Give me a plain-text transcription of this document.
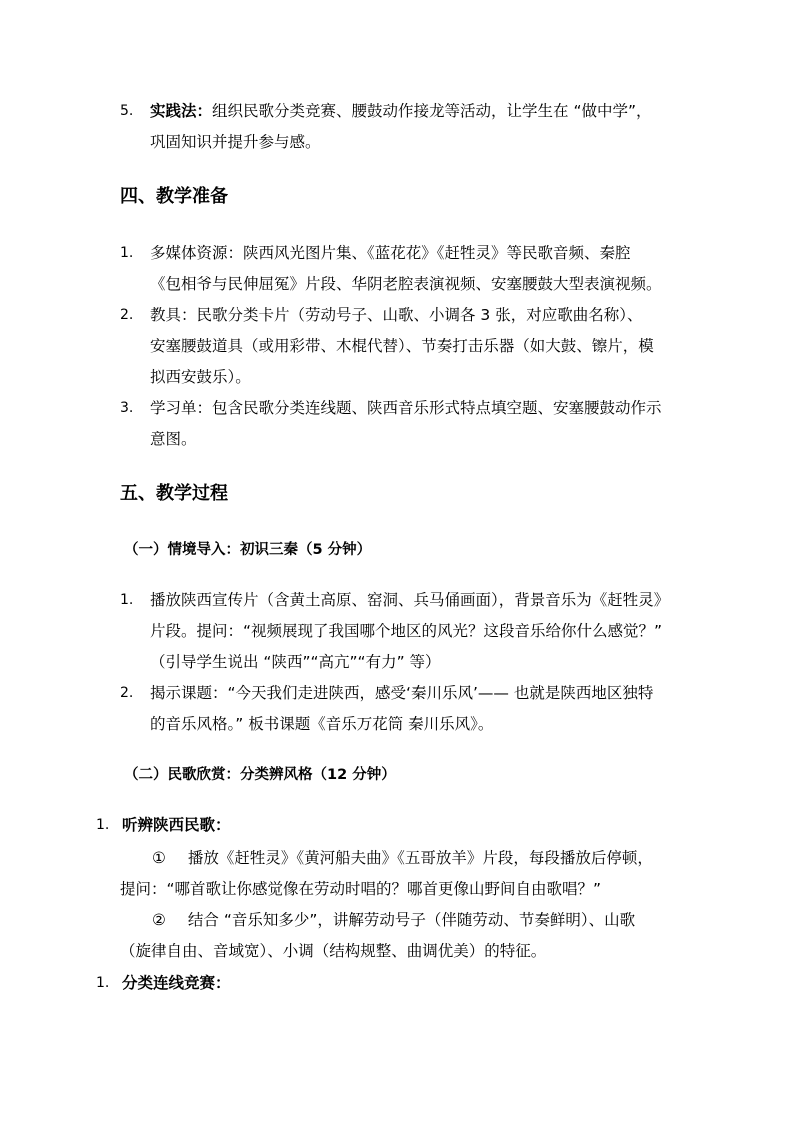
5. 实践法：组织民歌分类竞赛、腰鼓动作接龙等活动，让学生在 “做中学”，
巩固知识并提升参与感。
四、教学准备
1. 多媒体资源：陕西风光图片集、《蓝花花》《赶牲灵》等民歌音频、秦腔
《包相爷与民伸屈冤》片段、华阴老腔表演视频、安塞腰鼓大型表演视频。
2. 教具：民歌分类卡片（劳动号子、山歌、小调各 3 张，对应歌曲名称）、
安塞腰鼓道具（或用彩带、木棍代替）、节奏打击乐器（如大鼓、镲片，模
拟西安鼓乐）。
3. 学习单：包含民歌分类连线题、陕西音乐形式特点填空题、安塞腰鼓动作示
意图。
五、教学过程
（一）情境导入：初识三秦（5 分钟）
1. 播放陕西宣传片（含黄土高原、窑洞、兵马俑画面），背景音乐为《赶牲灵》
片段。提问：“视频展现了我国哪个地区的风光？这段音乐给你什么感觉？”
（引导学生说出 “陕西”“高亢”“有力” 等）
2. 揭示课题：“今天我们走进陕西，感受‘秦川乐风’—— 也就是陕西地区独特
的音乐风格。” 板书课题《音乐万花筒 秦川乐风》。
（二）民歌欣赏：分类辨风格（12 分钟）
1. 听辨陕西民歌：
① 播放《赶牲灵》《黄河船夫曲》《五哥放羊》片段，每段播放后停顿，
提问：“哪首歌让你感觉像在劳动时唱的？哪首更像山野间自由歌唱？”
② 结合 “音乐知多少”，讲解劳动号子（伴随劳动、节奏鲜明）、山歌
（旋律自由、音域宽）、小调（结构规整、曲调优美）的特征。
1. 分类连线竞赛：
